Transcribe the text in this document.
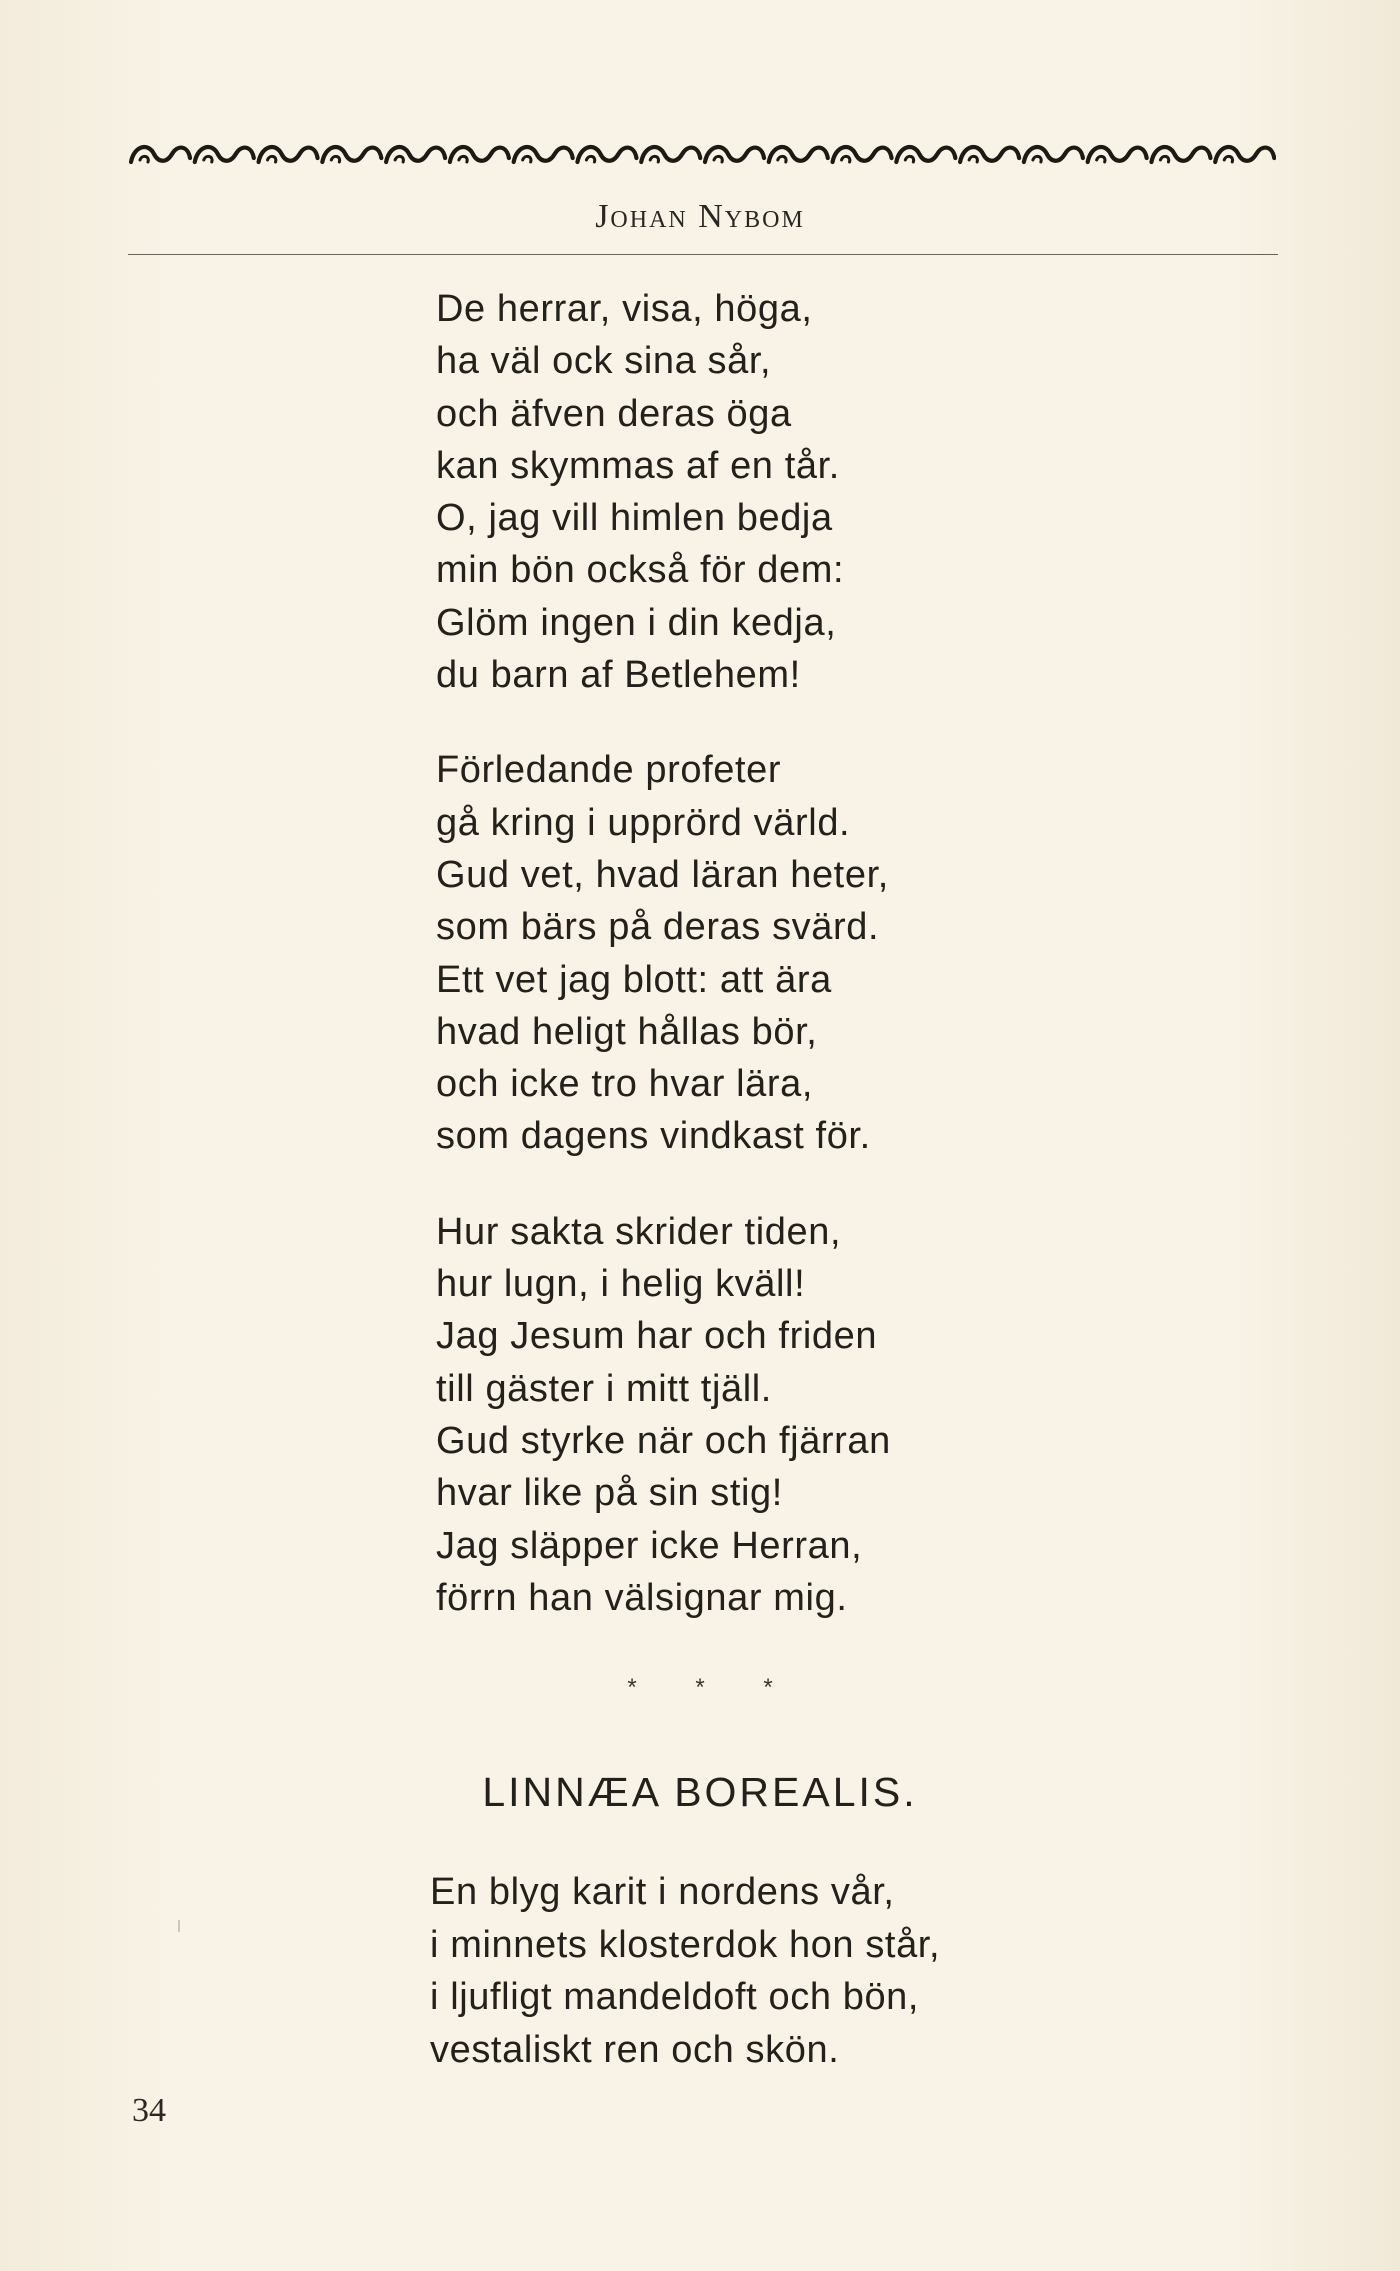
Johan Nybom
De herrar, visa, höga,
ha väl ock sina sår,
och äfven deras öga
kan skymmas af en tår.
O, jag vill himlen bedja
min bön också för dem:
Glöm ingen i din kedja,
du barn af Betlehem!
Förledande profeter
gå kring i upprörd värld.
Gud vet, hvad läran heter,
som bärs på deras svärd.
Ett vet jag blott: att ära
hvad heligt hållas bör,
och icke tro hvar lära,
som dagens vindkast för.
Hur sakta skrider tiden,
hur lugn, i helig kväll!
Jag Jesum har och friden
till gäster i mitt tjäll.
Gud styrke när och fjärran
hvar like på sin stig!
Jag släpper icke Herran,
förrn han välsignar mig.
* * *
LINNÆA BOREALIS.
En blyg karit i nordens vår,
i minnets klosterdok hon står,
i ljufligt mandeldoft och bön,
vestaliskt ren och skön.
34
